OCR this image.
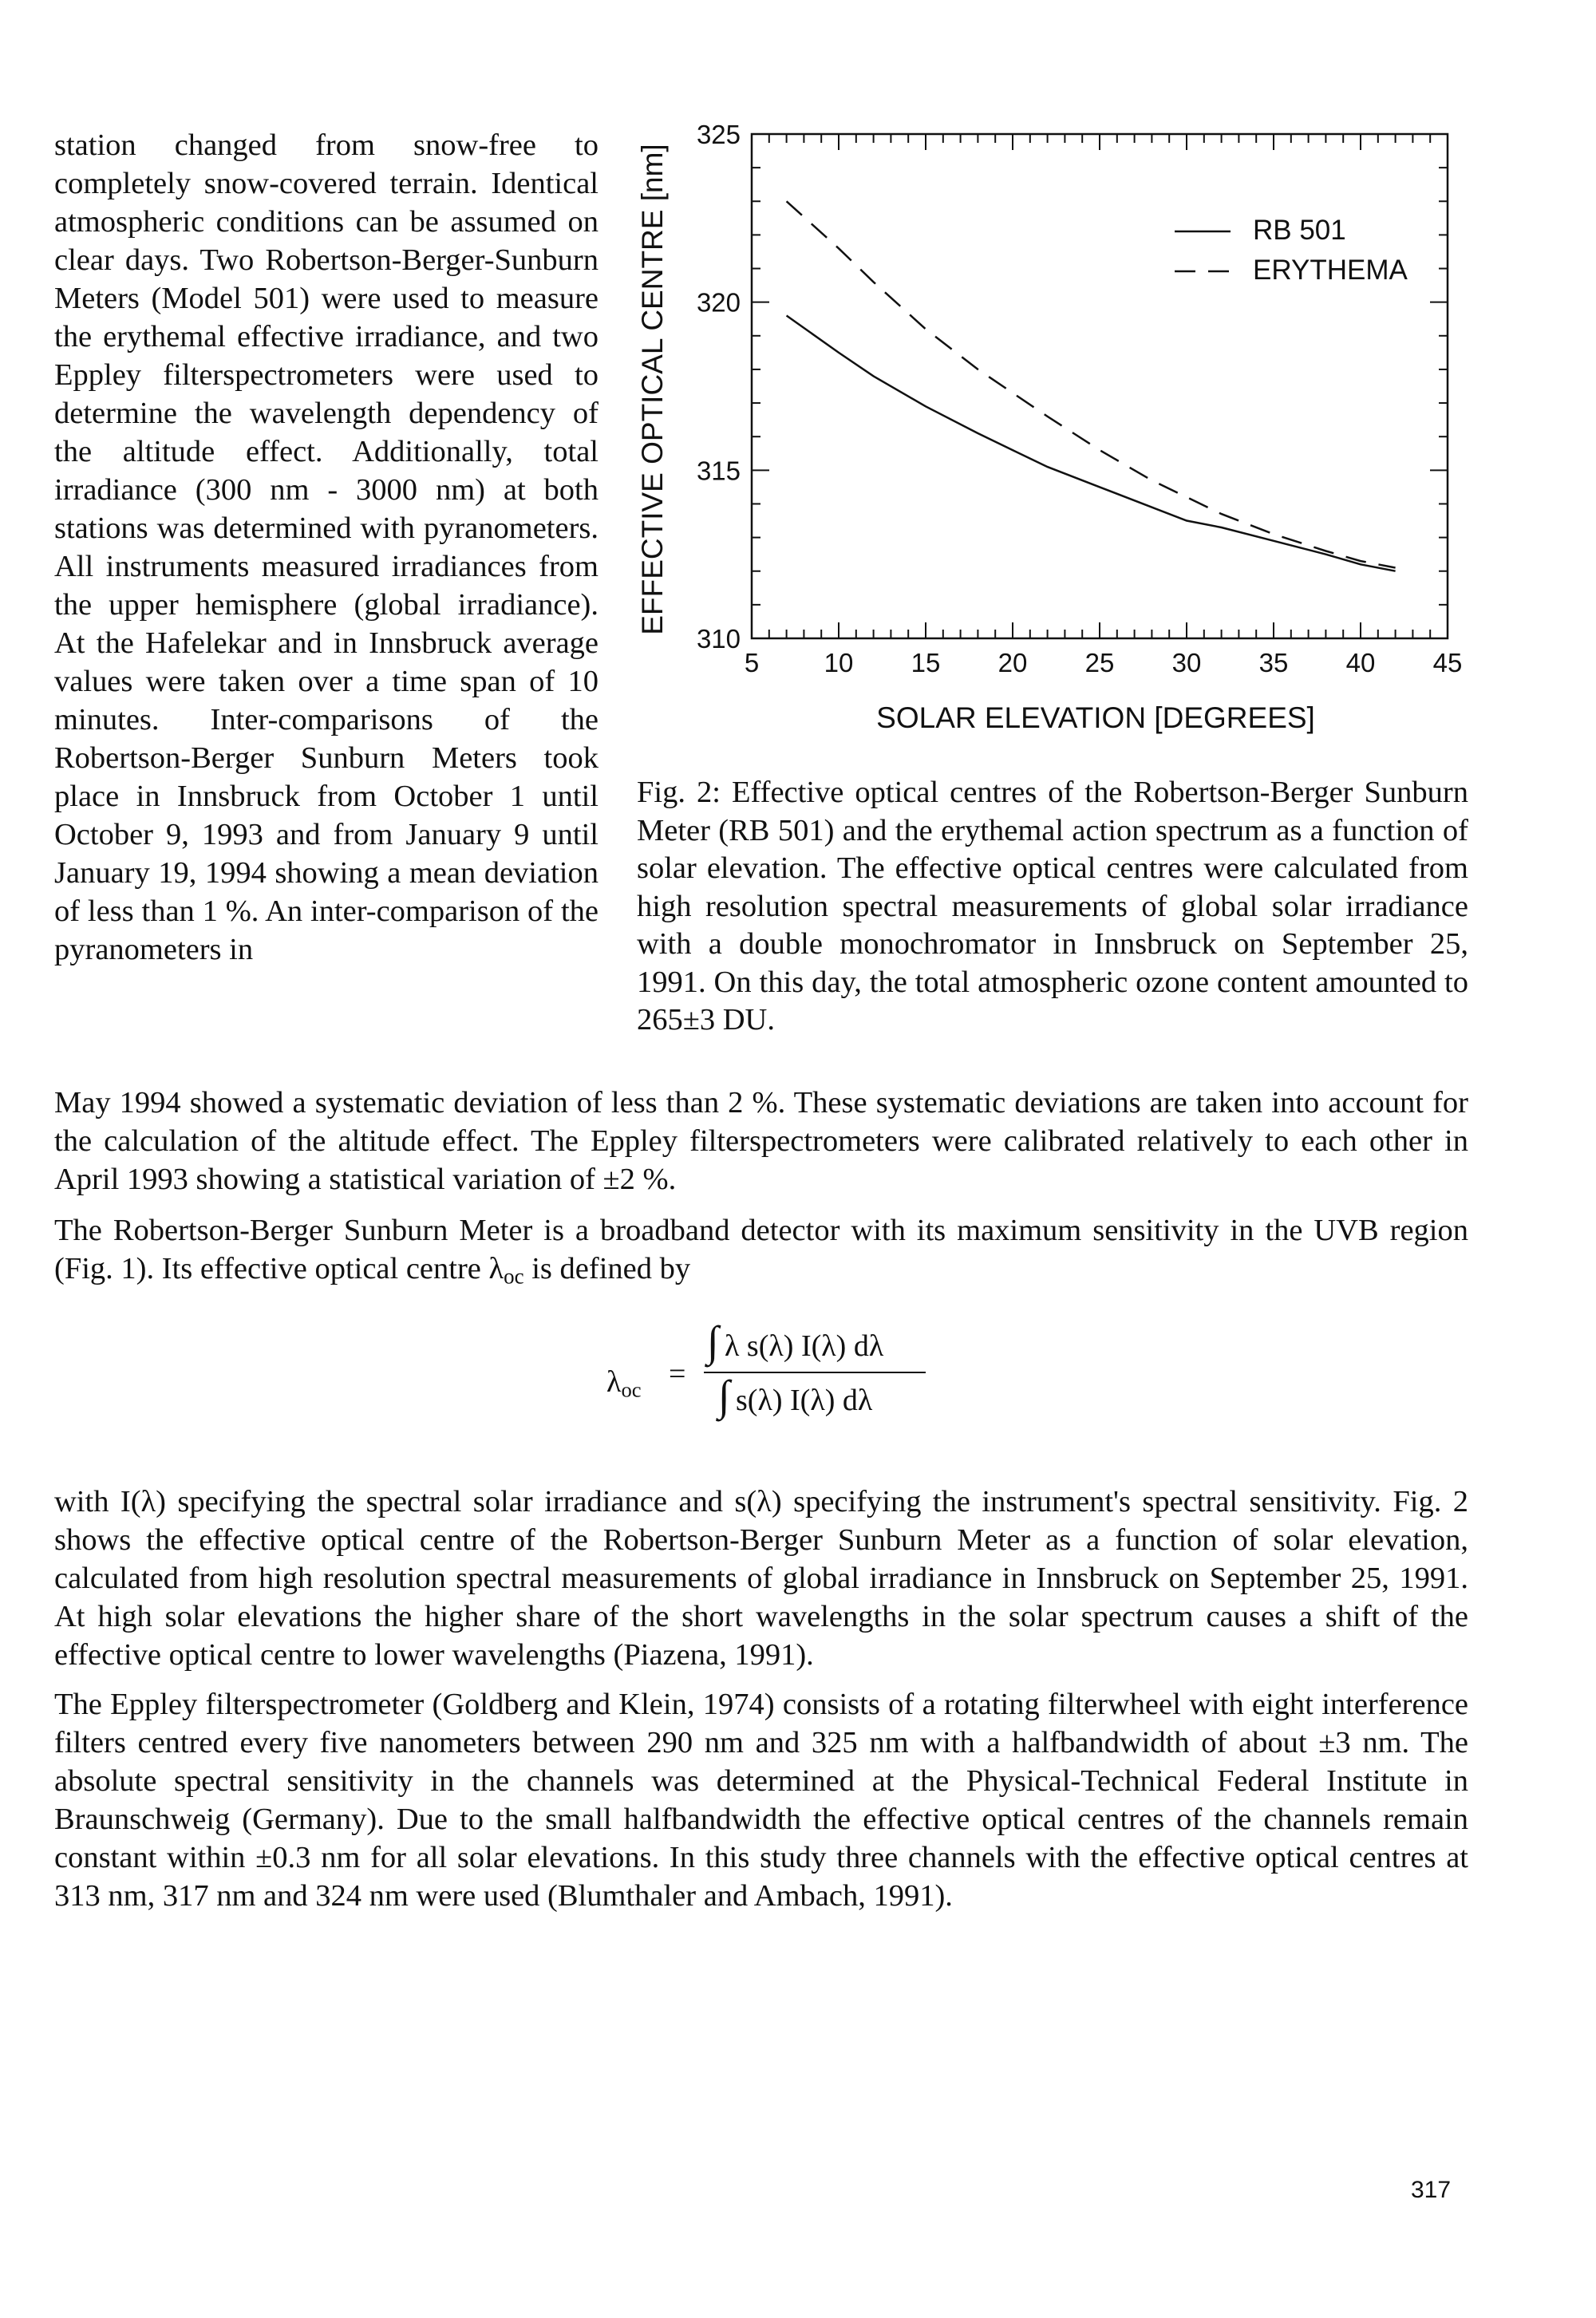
5 10 15 20 25 30 35 40 45
310
315
320
325
RB 501
ERYTHEMA
SOLAR ELEVATION [DEGREES]
EFFECTIVE OPTICAL CENTRE [nm]

station changed from snow-free to completely snow-covered terrain. Identical atmospheric conditions can be assumed on clear days. Two Robertson-Berger-Sunburn Meters (Model 501) were used to measure the erythemal effective irradiance, and two Eppley filterspectrometers were used to determine the wavelength dependency of the altitude effect. Additionally, total irradiance (300 nm - 3000 nm) at both stations was determined with pyranometers. All instruments measured irradiances from the upper hemisphere (global irradiance). At the Hafelekar and in Innsbruck average values were taken over a time span of 10 minutes. Inter-comparisons of the Robertson-Berger Sunburn Meters took place in Innsbruck from October 1 until October 9, 1993 and from January 9 until January 19, 1994 showing a mean deviation of less than 1 %. An inter-comparison of the pyranometers in

Fig. 2: Effective optical centres of the Robertson-Berger Sunburn Meter (RB 501) and the erythemal action spectrum as a function of solar elevation. The effective optical centres were calculated from high resolution spectral measurements of global solar irradiance with a double monochromator in Innsbruck on September 25, 1991. On this day, the total atmospheric ozone content amounted to 265±3 DU.

May 1994 showed a systematic deviation of less than 2 %. These systematic deviations are taken into account for the calculation of the altitude effect. The Eppley filterspectrometers were calibrated relatively to each other in April 1993 showing a statistical variation of ±2 %.

The Robertson-Berger Sunburn Meter is a broadband detector with its maximum sensitivity in the UVB region (Fig. 1). Its effective optical centre $\lambda_{oc}$ is defined by

$\lambda_{oc}$ =
∫ λ s(λ) I(λ) dλ
∫ s(λ) I(λ) dλ

with I(λ) specifying the spectral solar irradiance and s(λ) specifying the instrument's spectral sensitivity. Fig. 2 shows the effective optical centre of the Robertson-Berger Sunburn Meter as a function of solar elevation, calculated from high resolution spectral measurements of global irradiance in Innsbruck on September 25, 1991. At high solar elevations the higher share of the short wavelengths in the solar spectrum causes a shift of the effective optical centre to lower wavelengths (Piazena, 1991).

The Eppley filterspectrometer (Goldberg and Klein, 1974) consists of a rotating filterwheel with eight interference filters centred every five nanometers between 290 nm and 325 nm with a halfbandwidth of about ±3 nm. The absolute spectral sensitivity in the channels was determined at the Physical-Technical Federal Institute in Braunschweig (Germany). Due to the small halfbandwidth the effective optical centres of the channels remain constant within ±0.3 nm for all solar elevations. In this study three channels with the effective optical centres at 313 nm, 317 nm and 324 nm were used (Blumthaler and Ambach, 1991).

317
